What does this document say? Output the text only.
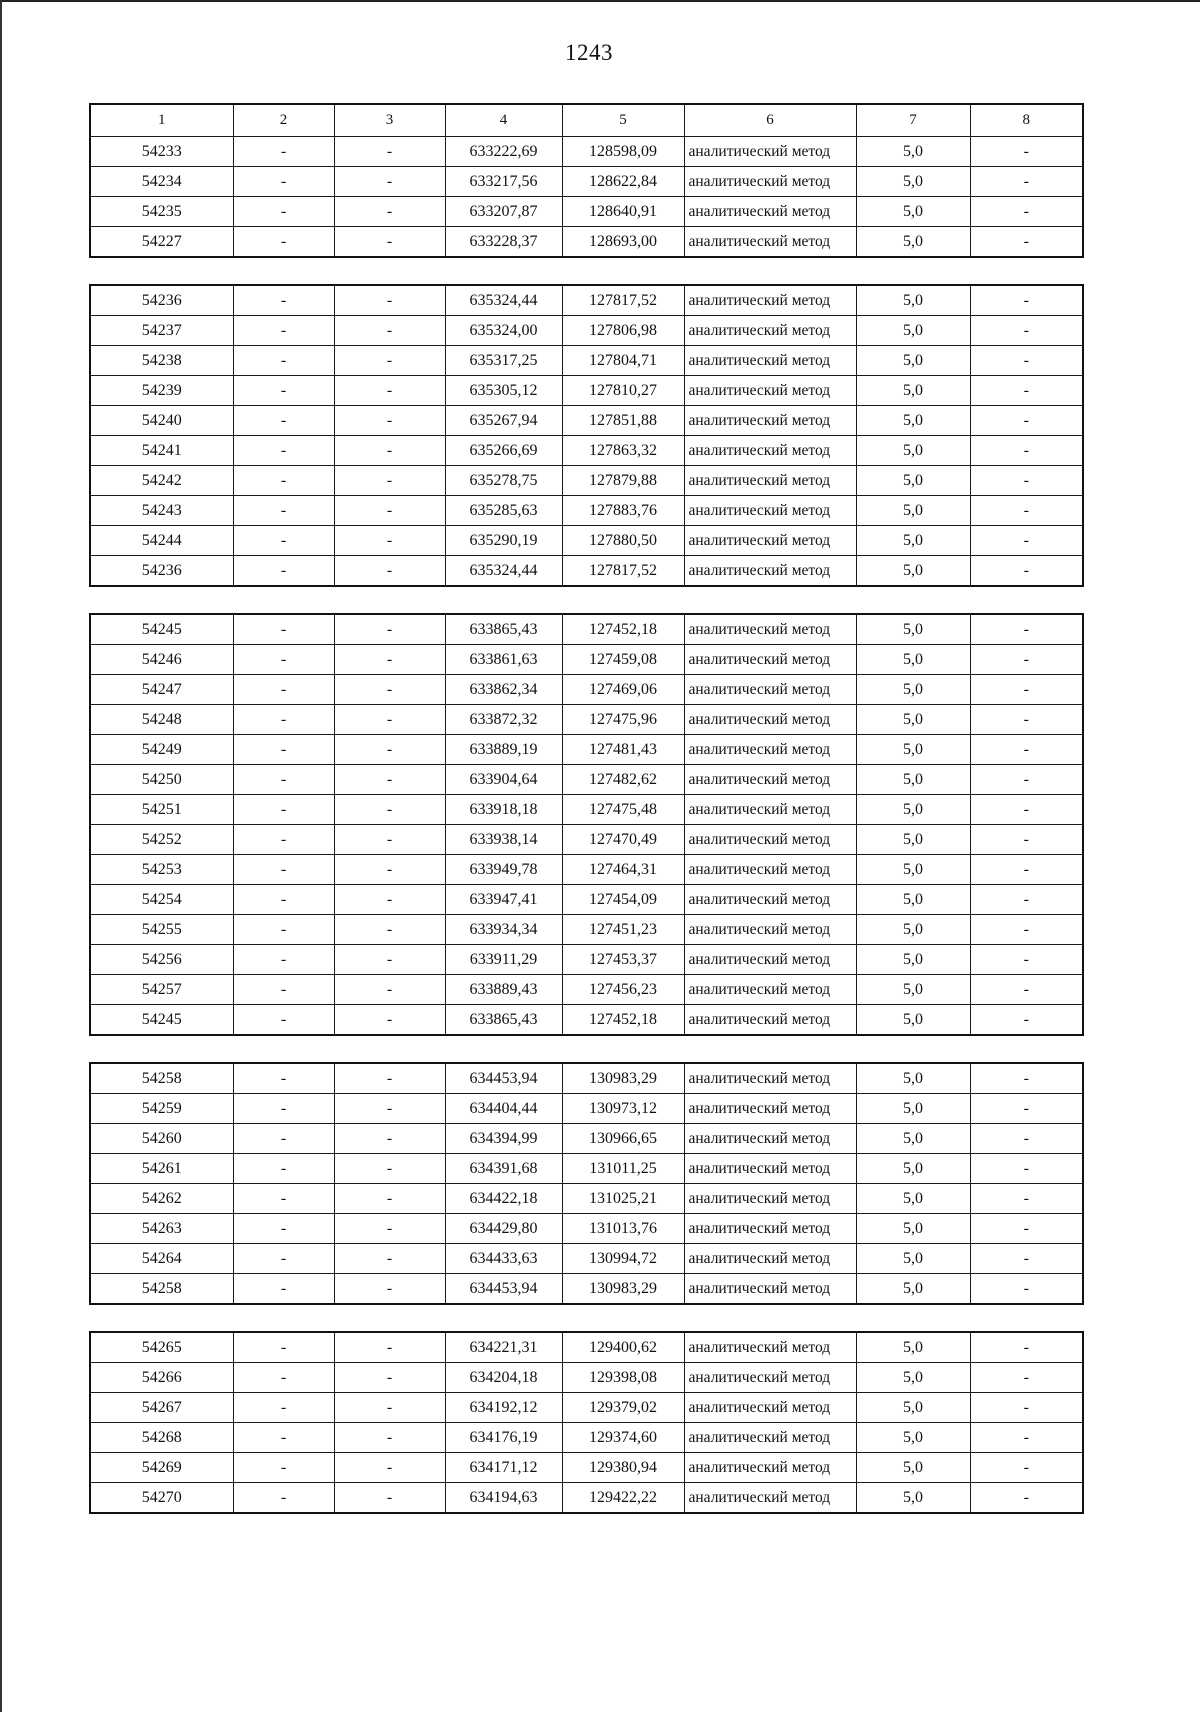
1243
1	2	3	4	5	6	7	8
54233	-	-	633222,69	128598,09	аналитический метод	5,0	-
54234	-	-	633217,56	128622,84	аналитический метод	5,0	-
54235	-	-	633207,87	128640,91	аналитический метод	5,0	-
54227	-	-	633228,37	128693,00	аналитический метод	5,0	-
54236	-	-	635324,44	127817,52	аналитический метод	5,0	-
54237	-	-	635324,00	127806,98	аналитический метод	5,0	-
54238	-	-	635317,25	127804,71	аналитический метод	5,0	-
54239	-	-	635305,12	127810,27	аналитический метод	5,0	-
54240	-	-	635267,94	127851,88	аналитический метод	5,0	-
54241	-	-	635266,69	127863,32	аналитический метод	5,0	-
54242	-	-	635278,75	127879,88	аналитический метод	5,0	-
54243	-	-	635285,63	127883,76	аналитический метод	5,0	-
54244	-	-	635290,19	127880,50	аналитический метод	5,0	-
54236	-	-	635324,44	127817,52	аналитический метод	5,0	-
54245	-	-	633865,43	127452,18	аналитический метод	5,0	-
54246	-	-	633861,63	127459,08	аналитический метод	5,0	-
54247	-	-	633862,34	127469,06	аналитический метод	5,0	-
54248	-	-	633872,32	127475,96	аналитический метод	5,0	-
54249	-	-	633889,19	127481,43	аналитический метод	5,0	-
54250	-	-	633904,64	127482,62	аналитический метод	5,0	-
54251	-	-	633918,18	127475,48	аналитический метод	5,0	-
54252	-	-	633938,14	127470,49	аналитический метод	5,0	-
54253	-	-	633949,78	127464,31	аналитический метод	5,0	-
54254	-	-	633947,41	127454,09	аналитический метод	5,0	-
54255	-	-	633934,34	127451,23	аналитический метод	5,0	-
54256	-	-	633911,29	127453,37	аналитический метод	5,0	-
54257	-	-	633889,43	127456,23	аналитический метод	5,0	-
54245	-	-	633865,43	127452,18	аналитический метод	5,0	-
54258	-	-	634453,94	130983,29	аналитический метод	5,0	-
54259	-	-	634404,44	130973,12	аналитический метод	5,0	-
54260	-	-	634394,99	130966,65	аналитический метод	5,0	-
54261	-	-	634391,68	131011,25	аналитический метод	5,0	-
54262	-	-	634422,18	131025,21	аналитический метод	5,0	-
54263	-	-	634429,80	131013,76	аналитический метод	5,0	-
54264	-	-	634433,63	130994,72	аналитический метод	5,0	-
54258	-	-	634453,94	130983,29	аналитический метод	5,0	-
54265	-	-	634221,31	129400,62	аналитический метод	5,0	-
54266	-	-	634204,18	129398,08	аналитический метод	5,0	-
54267	-	-	634192,12	129379,02	аналитический метод	5,0	-
54268	-	-	634176,19	129374,60	аналитический метод	5,0	-
54269	-	-	634171,12	129380,94	аналитический метод	5,0	-
54270	-	-	634194,63	129422,22	аналитический метод	5,0	-
